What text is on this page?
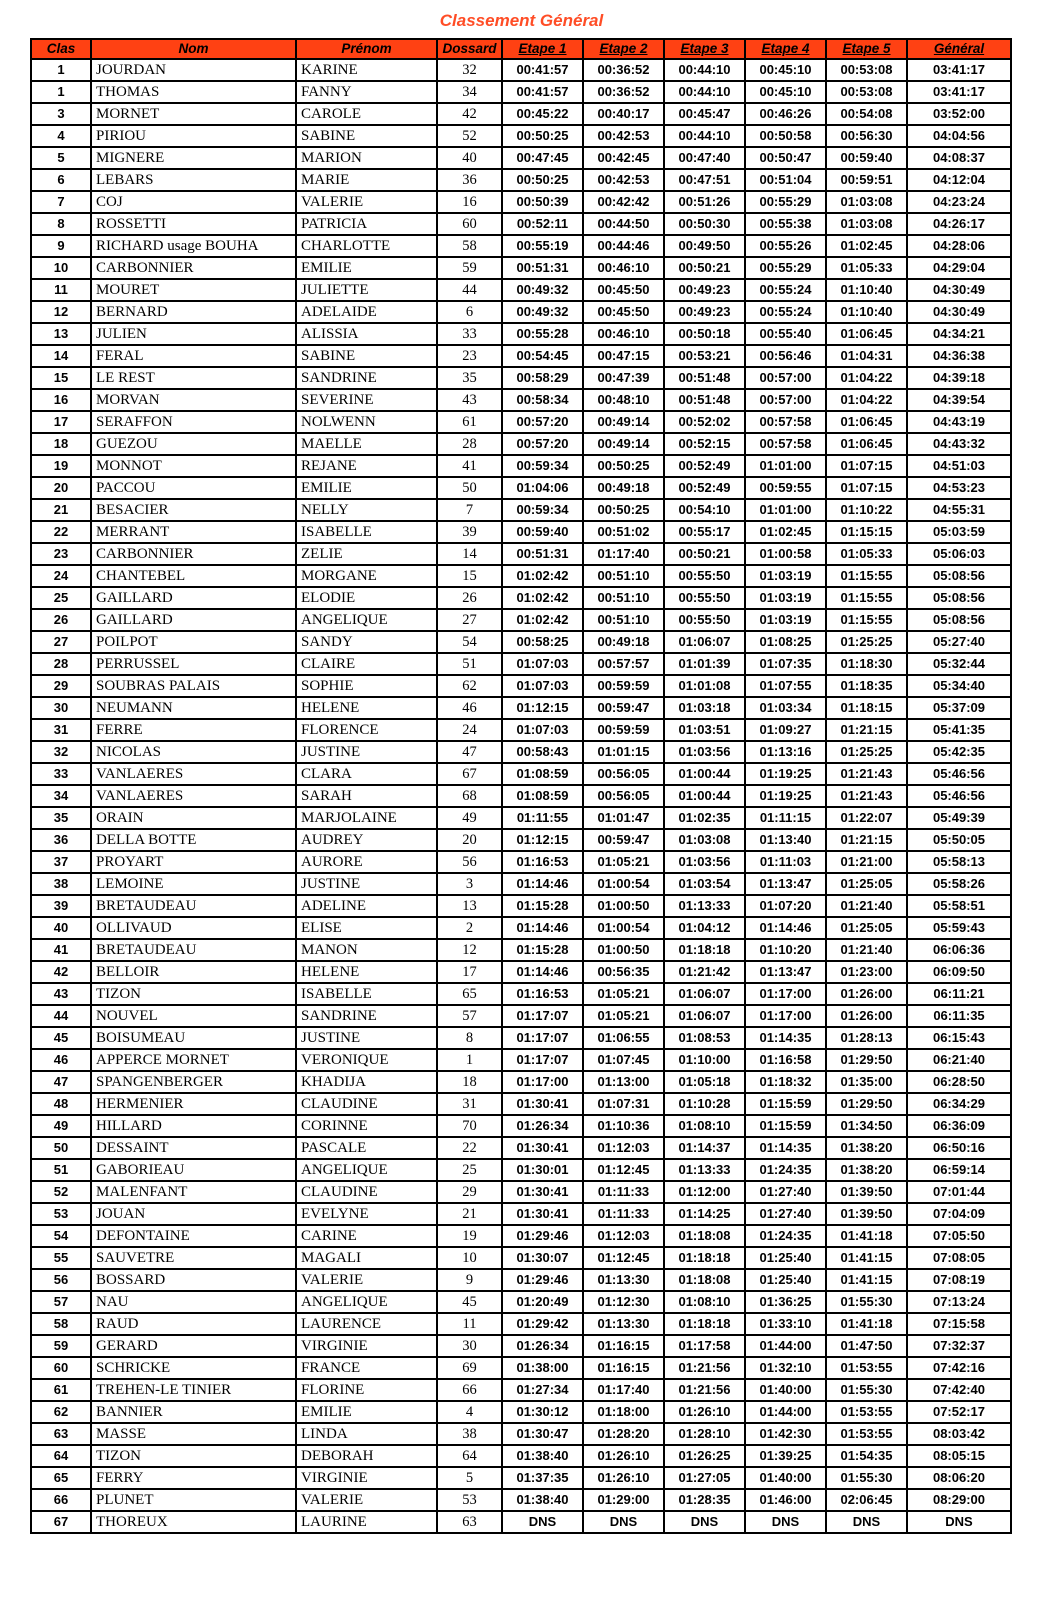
Classement Général
Clas	Nom	Prénom	Dossard	Etape 1	Etape 2	Etape 3	Etape 4	Etape 5	Général
1	JOURDAN	KARINE	32	00:41:57	00:36:52	00:44:10	00:45:10	00:53:08	03:41:17
1	THOMAS	FANNY	34	00:41:57	00:36:52	00:44:10	00:45:10	00:53:08	03:41:17
3	MORNET	CAROLE	42	00:45:22	00:40:17	00:45:47	00:46:26	00:54:08	03:52:00
4	PIRIOU	SABINE	52	00:50:25	00:42:53	00:44:10	00:50:58	00:56:30	04:04:56
5	MIGNERE	MARION	40	00:47:45	00:42:45	00:47:40	00:50:47	00:59:40	04:08:37
6	LEBARS	MARIE	36	00:50:25	00:42:53	00:47:51	00:51:04	00:59:51	04:12:04
7	COJ	VALERIE	16	00:50:39	00:42:42	00:51:26	00:55:29	01:03:08	04:23:24
8	ROSSETTI	PATRICIA	60	00:52:11	00:44:50	00:50:30	00:55:38	01:03:08	04:26:17
9	RICHARD usage BOUHA	CHARLOTTE	58	00:55:19	00:44:46	00:49:50	00:55:26	01:02:45	04:28:06
10	CARBONNIER	EMILIE	59	00:51:31	00:46:10	00:50:21	00:55:29	01:05:33	04:29:04
11	MOURET	JULIETTE	44	00:49:32	00:45:50	00:49:23	00:55:24	01:10:40	04:30:49
12	BERNARD	ADELAIDE	6	00:49:32	00:45:50	00:49:23	00:55:24	01:10:40	04:30:49
13	JULIEN	ALISSIA	33	00:55:28	00:46:10	00:50:18	00:55:40	01:06:45	04:34:21
14	FERAL	SABINE	23	00:54:45	00:47:15	00:53:21	00:56:46	01:04:31	04:36:38
15	LE REST	SANDRINE	35	00:58:29	00:47:39	00:51:48	00:57:00	01:04:22	04:39:18
16	MORVAN	SEVERINE	43	00:58:34	00:48:10	00:51:48	00:57:00	01:04:22	04:39:54
17	SERAFFON	NOLWENN	61	00:57:20	00:49:14	00:52:02	00:57:58	01:06:45	04:43:19
18	GUEZOU	MAELLE	28	00:57:20	00:49:14	00:52:15	00:57:58	01:06:45	04:43:32
19	MONNOT	REJANE	41	00:59:34	00:50:25	00:52:49	01:01:00	01:07:15	04:51:03
20	PACCOU	EMILIE	50	01:04:06	00:49:18	00:52:49	00:59:55	01:07:15	04:53:23
21	BESACIER	NELLY	7	00:59:34	00:50:25	00:54:10	01:01:00	01:10:22	04:55:31
22	MERRANT	ISABELLE	39	00:59:40	00:51:02	00:55:17	01:02:45	01:15:15	05:03:59
23	CARBONNIER	ZELIE	14	00:51:31	01:17:40	00:50:21	01:00:58	01:05:33	05:06:03
24	CHANTEBEL	MORGANE	15	01:02:42	00:51:10	00:55:50	01:03:19	01:15:55	05:08:56
25	GAILLARD	ELODIE	26	01:02:42	00:51:10	00:55:50	01:03:19	01:15:55	05:08:56
26	GAILLARD	ANGELIQUE	27	01:02:42	00:51:10	00:55:50	01:03:19	01:15:55	05:08:56
27	POILPOT	SANDY	54	00:58:25	00:49:18	01:06:07	01:08:25	01:25:25	05:27:40
28	PERRUSSEL	CLAIRE	51	01:07:03	00:57:57	01:01:39	01:07:35	01:18:30	05:32:44
29	SOUBRAS PALAIS	SOPHIE	62	01:07:03	00:59:59	01:01:08	01:07:55	01:18:35	05:34:40
30	NEUMANN	HELENE	46	01:12:15	00:59:47	01:03:18	01:03:34	01:18:15	05:37:09
31	FERRE	FLORENCE	24	01:07:03	00:59:59	01:03:51	01:09:27	01:21:15	05:41:35
32	NICOLAS	JUSTINE	47	00:58:43	01:01:15	01:03:56	01:13:16	01:25:25	05:42:35
33	VANLAERES	CLARA	67	01:08:59	00:56:05	01:00:44	01:19:25	01:21:43	05:46:56
34	VANLAERES	SARAH	68	01:08:59	00:56:05	01:00:44	01:19:25	01:21:43	05:46:56
35	ORAIN	MARJOLAINE	49	01:11:55	01:01:47	01:02:35	01:11:15	01:22:07	05:49:39
36	DELLA BOTTE	AUDREY	20	01:12:15	00:59:47	01:03:08	01:13:40	01:21:15	05:50:05
37	PROYART	AURORE	56	01:16:53	01:05:21	01:03:56	01:11:03	01:21:00	05:58:13
38	LEMOINE	JUSTINE	3	01:14:46	01:00:54	01:03:54	01:13:47	01:25:05	05:58:26
39	BRETAUDEAU	ADELINE	13	01:15:28	01:00:50	01:13:33	01:07:20	01:21:40	05:58:51
40	OLLIVAUD	ELISE	2	01:14:46	01:00:54	01:04:12	01:14:46	01:25:05	05:59:43
41	BRETAUDEAU	MANON	12	01:15:28	01:00:50	01:18:18	01:10:20	01:21:40	06:06:36
42	BELLOIR	HELENE	17	01:14:46	00:56:35	01:21:42	01:13:47	01:23:00	06:09:50
43	TIZON	ISABELLE	65	01:16:53	01:05:21	01:06:07	01:17:00	01:26:00	06:11:21
44	NOUVEL	SANDRINE	57	01:17:07	01:05:21	01:06:07	01:17:00	01:26:00	06:11:35
45	BOISUMEAU	JUSTINE	8	01:17:07	01:06:55	01:08:53	01:14:35	01:28:13	06:15:43
46	APPERCE MORNET	VERONIQUE	1	01:17:07	01:07:45	01:10:00	01:16:58	01:29:50	06:21:40
47	SPANGENBERGER	KHADIJA	18	01:17:00	01:13:00	01:05:18	01:18:32	01:35:00	06:28:50
48	HERMENIER	CLAUDINE	31	01:30:41	01:07:31	01:10:28	01:15:59	01:29:50	06:34:29
49	HILLARD	CORINNE	70	01:26:34	01:10:36	01:08:10	01:15:59	01:34:50	06:36:09
50	DESSAINT	PASCALE	22	01:30:41	01:12:03	01:14:37	01:14:35	01:38:20	06:50:16
51	GABORIEAU	ANGELIQUE	25	01:30:01	01:12:45	01:13:33	01:24:35	01:38:20	06:59:14
52	MALENFANT	CLAUDINE	29	01:30:41	01:11:33	01:12:00	01:27:40	01:39:50	07:01:44
53	JOUAN	EVELYNE	21	01:30:41	01:11:33	01:14:25	01:27:40	01:39:50	07:04:09
54	DEFONTAINE	CARINE	19	01:29:46	01:12:03	01:18:08	01:24:35	01:41:18	07:05:50
55	SAUVETRE	MAGALI	10	01:30:07	01:12:45	01:18:18	01:25:40	01:41:15	07:08:05
56	BOSSARD	VALERIE	9	01:29:46	01:13:30	01:18:08	01:25:40	01:41:15	07:08:19
57	NAU	ANGELIQUE	45	01:20:49	01:12:30	01:08:10	01:36:25	01:55:30	07:13:24
58	RAUD	LAURENCE	11	01:29:42	01:13:30	01:18:18	01:33:10	01:41:18	07:15:58
59	GERARD	VIRGINIE	30	01:26:34	01:16:15	01:17:58	01:44:00	01:47:50	07:32:37
60	SCHRICKE	FRANCE	69	01:38:00	01:16:15	01:21:56	01:32:10	01:53:55	07:42:16
61	TREHEN-LE TINIER	FLORINE	66	01:27:34	01:17:40	01:21:56	01:40:00	01:55:30	07:42:40
62	BANNIER	EMILIE	4	01:30:12	01:18:00	01:26:10	01:44:00	01:53:55	07:52:17
63	MASSE	LINDA	38	01:30:47	01:28:20	01:28:10	01:42:30	01:53:55	08:03:42
64	TIZON	DEBORAH	64	01:38:40	01:26:10	01:26:25	01:39:25	01:54:35	08:05:15
65	FERRY	VIRGINIE	5	01:37:35	01:26:10	01:27:05	01:40:00	01:55:30	08:06:20
66	PLUNET	VALERIE	53	01:38:40	01:29:00	01:28:35	01:46:00	02:06:45	08:29:00
67	THOREUX	LAURINE	63	DNS	DNS	DNS	DNS	DNS	DNS
